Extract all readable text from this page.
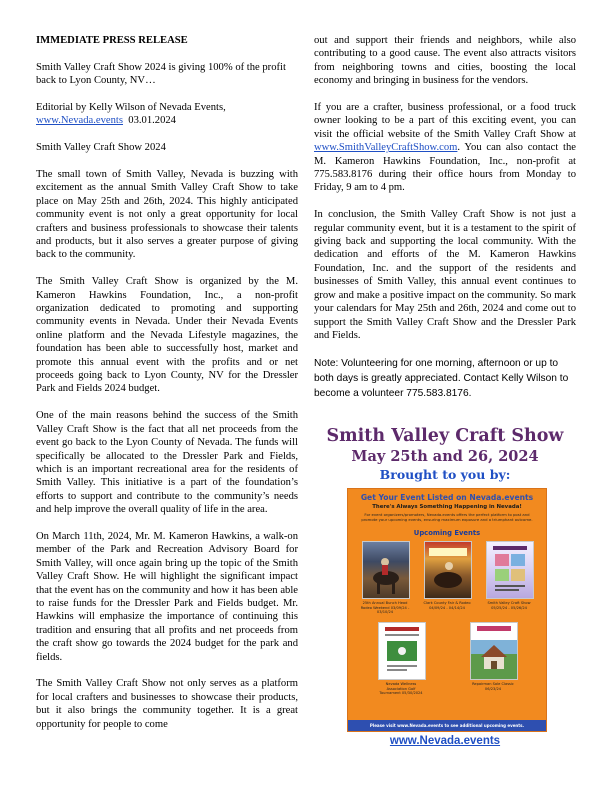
IMMEDIATE PRESS RELEASE

Smith Valley Craft Show 2024 is giving 100% of the profit back to Lyon County, NV…

Editorial by Kelly Wilson of Nevada Events,
www.Nevada.events 03.01.2024

Smith Valley Craft Show 2024

The small town of Smith Valley, Nevada is buzzing with excitement as the annual Smith Valley Craft Show to take place on May 25th and 26th, 2024. This highly anticipated community event is not only a great opportunity for local crafters and business professionals to showcase their talents and products, but it also serves a greater purpose of giving back to the community.

The Smith Valley Craft Show is organized by the M. Kameron Hawkins Foundation, Inc., a non-profit organization dedicated to promoting and supporting community events in Nevada. Under their Nevada Events online platform and the Nevada Lifestyle magazines, the foundation has been able to successfully host, market and promote this annual event with the profits and or net proceeds going back to Lyon County, NV for the Dressler Park and Fields 2024 budget.

One of the main reasons behind the success of the Smith Valley Craft Show is the fact that all net proceeds from the event go back to the Lyon County of Nevada. The funds will specifically be allocated to the Dressler Park and Fields, which is an important recreational area for the residents of Smith Valley. This initiative is a part of the foundation’s efforts to support and contribute to the community’s needs and help improve the overall quality of life in the area.

On March 11th, 2024, Mr. M. Kameron Hawkins, a walk-on member of the Park and Recreation Advisory Board for Smith Valley, will once again bring up the topic of the Smith Valley Craft Show. He will highlight the significant impact that the event has on the community and how it has been able to raise funds for the Dressler Park and Fields budget. Mr. Hawkins will emphasize the importance of continuing this tradition and ensuring that all profits and net proceeds from the craft show go towards the 2024 budget for the park and fields.

The Smith Valley Craft Show not only serves as a platform for local crafters and businesses to showcase their products, but it also brings the community together. It is a great opportunity for people to come

out and support their friends and neighbors, while also contributing to a good cause. The event also attracts visitors from neighboring towns and cities, boosting the local economy and bringing in business for the vendors.

If you are a crafter, business professional, or a food truck owner looking to be a part of this exciting event, you can visit the official website of the Smith Valley Craft Show at www.SmithValleyCraftShow.com. You can also contact the M. Kameron Hawkins Foundation, Inc., non-profit at 775.583.8176 during their office hours from Monday to Friday, 9 am to 4 pm.

In conclusion, the Smith Valley Craft Show is not just a regular community event, but it is a testament to the spirit of giving back and supporting the local community. With the dedication and efforts of the M. Kameron Hawkins Foundation, Inc. and the support of the residents and businesses of Smith Valley, this annual event continues to grow and make a positive impact on the community. So mark your calendars for May 25th and 26th, 2024 and come out to support the Smith Valley Craft Show and the Dressler Park and Fields.

Note: Volunteering for one morning, afternoon or up to both days is greatly appreciated. Contact Kelly Wilson to become a volunteer 775.583.8176.

Smith Valley Craft Show
May 25th and 26, 2024
Brought to you by:
Get Your Event Listed on Nevada.events
There's Always Something Happening in Nevada!
For event organizers/promoters, Nevada.events offers the perfect platform to post and promote your upcoming events, ensuring maximum exposure and a triumphant outcome.
Upcoming Events
25th Annual Bunch Head Rodeo Weekend 03/09/24 - 03/10/24
Clark County Fair & Rodeo 04/09/24 - 04/14/24
Smith Valley Craft Show 05/25/24 - 05/26/24
Nevada Wellness Association Golf Tournament 05/30/2024
Repairman Sale Classic 06/23/24
Please visit www.Nevada.events to see additional upcoming events.
www.Nevada.events
